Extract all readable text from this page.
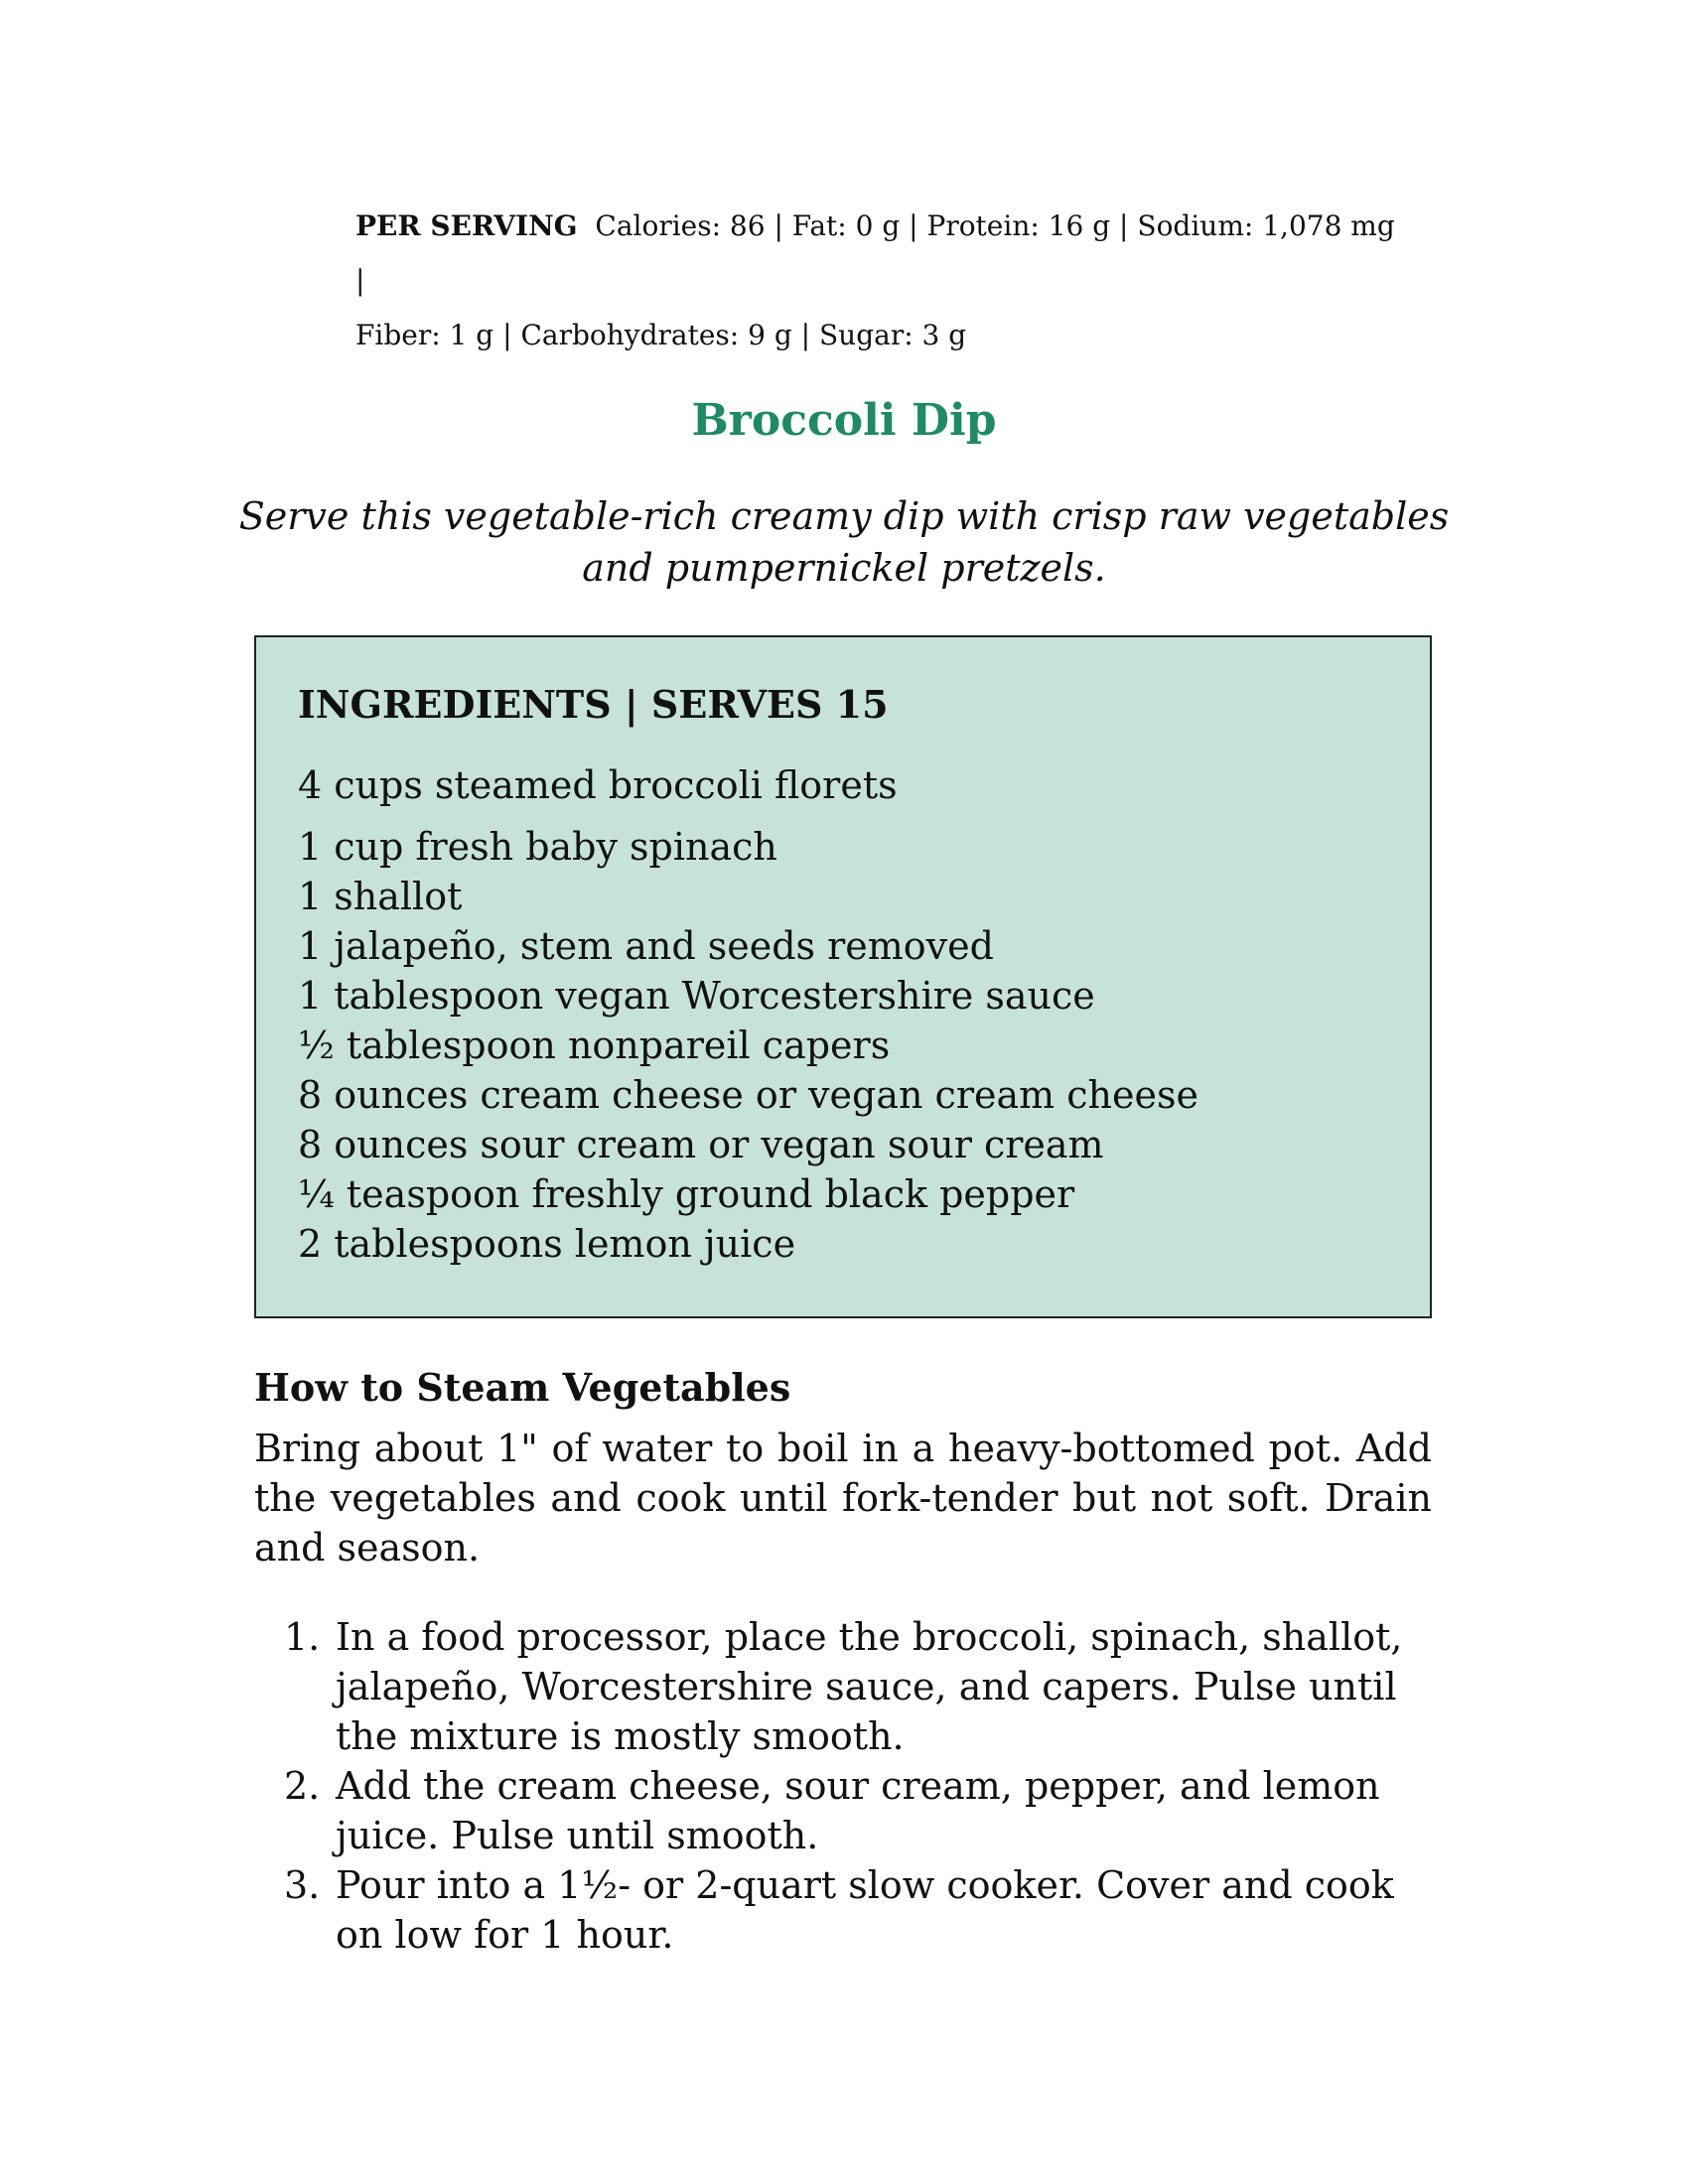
PER SERVING Calories: 86 | Fat: 0 g | Protein: 16 g | Sodium: 1,078 mg |
Fiber: 1 g | Carbohydrates: 9 g | Sugar: 3 g

Broccoli Dip

Serve this vegetable-rich creamy dip with crisp raw vegetables and pumpernickel pretzels.

INGREDIENTS | SERVES 15
4 cups steamed broccoli florets
1 cup fresh baby spinach
1 shallot
1 jalapeño, stem and seeds removed
1 tablespoon vegan Worcestershire sauce
½ tablespoon nonpareil capers
8 ounces cream cheese or vegan cream cheese
8 ounces sour cream or vegan sour cream
¼ teaspoon freshly ground black pepper
2 tablespoons lemon juice
How to Steam Vegetables

Bring about 1" of water to boil in a heavy-bottomed pot. Add the vegetables and cook until fork-tender but not soft. Drain and season.

1. In a food processor, place the broccoli, spinach, shallot, jalapeño, Worcestershire sauce, and capers. Pulse until the mixture is mostly smooth.
2. Add the cream cheese, sour cream, pepper, and lemon juice. Pulse until smooth.
3. Pour into a 1½- or 2-quart slow cooker. Cover and cook on low for 1 hour.
